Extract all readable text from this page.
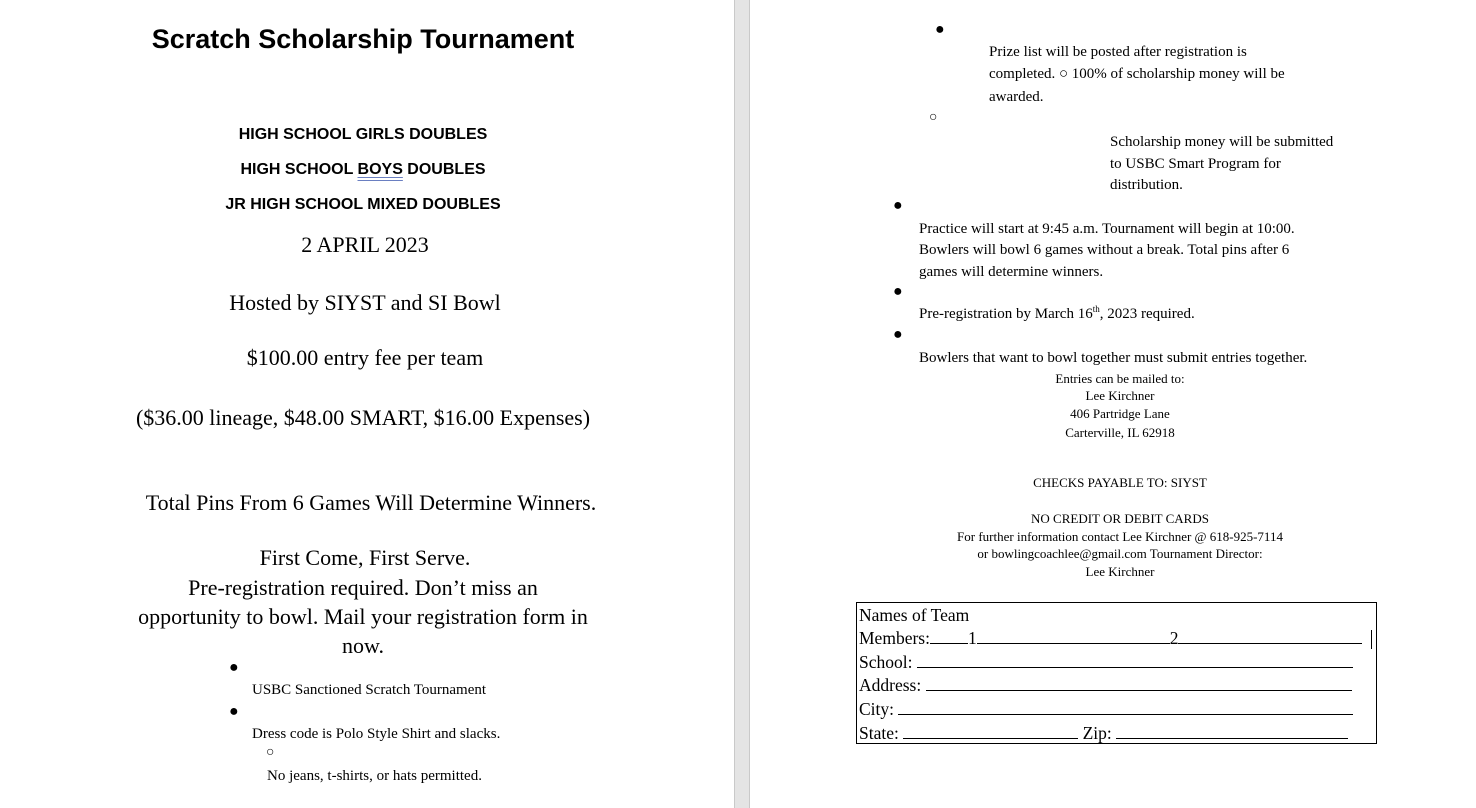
Scratch Scholarship Tournament
HIGH SCHOOL GIRLS DOUBLES
HIGH SCHOOL BOYS DOUBLES
JR HIGH SCHOOL MIXED DOUBLES
2 APRIL 2023
Hosted by SIYST and SI Bowl
$100.00 entry fee per team
($36.00 lineage, $48.00 SMART, $16.00 Expenses)
Total Pins From 6 Games Will Determine Winners.
First Come, First Serve.
Pre-registration required. Don’t miss an
opportunity to bowl. Mail your registration form in
now.
●
USBC Sanctioned Scratch Tournament
●
Dress code is Polo Style Shirt and slacks.
○
No jeans, t-shirts, or hats permitted.
●
Prize list will be posted after registration is
completed. ○ 100% of scholarship money will be
awarded.
○
Scholarship money will be submitted
to USBC Smart Program for
distribution.
●
Practice will start at 9:45 a.m. Tournament will begin at 10:00.
Bowlers will bowl 6 games without a break. Total pins after 6
games will determine winners.
●
Pre-registration by March 16th, 2023 required.
●
Bowlers that want to bowl together must submit entries together.
Entries can be mailed to:
Lee Kirchner
406 Partridge Lane
Carterville, IL 62918
CHECKS PAYABLE TO: SIYST
NO CREDIT OR DEBIT CARDS
For further information contact Lee Kirchner @ 618-925-7114
or bowlingcoachlee@gmail.com Tournament Director:
Lee Kirchner
Names of Team
Members: 1	2
School:
Address:
City:
State:	Zip:
